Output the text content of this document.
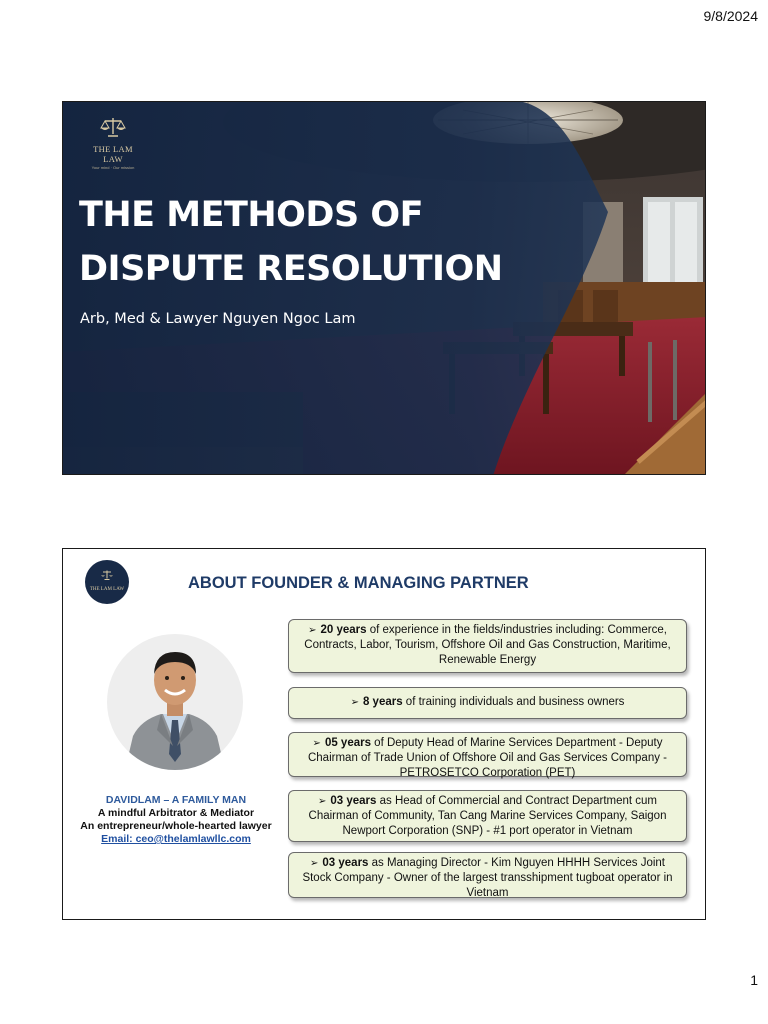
9/8/2024
THE LAM LAW
Your mind · Our mission
THE METHODS OF
DISPUTE RESOLUTION
Arb, Med & Lawyer Nguyen Ngoc Lam
THE LAM LAW	ABOUT FOUNDER & MANAGING PARTNER
DAVIDLAM – A FAMILY MAN
A mindful Arbitrator & Mediator
An entrepreneur/whole-hearted lawyer
Email: ceo@thelamlawllc.com
➢ 20 years of experience in the fields/industries including: Commerce, Contracts, Labor, Tourism, Offshore Oil and Gas Construction, Maritime, Renewable Energy
➢ 8 years of training individuals and business owners
➢ 05 years of Deputy Head of Marine Services Department - Deputy Chairman of Trade Union of Offshore Oil and Gas Services Company - PETROSETCO Corporation (PET)
➢ 03 years as Head of Commercial and Contract Department cum Chairman of Community, Tan Cang Marine Services Company, Saigon Newport Corporation (SNP) - #1 port operator in Vietnam
➢ 03 years as Managing Director - Kim Nguyen HHHH Services Joint Stock Company - Owner of the largest transshipment tugboat operator in Vietnam
1
